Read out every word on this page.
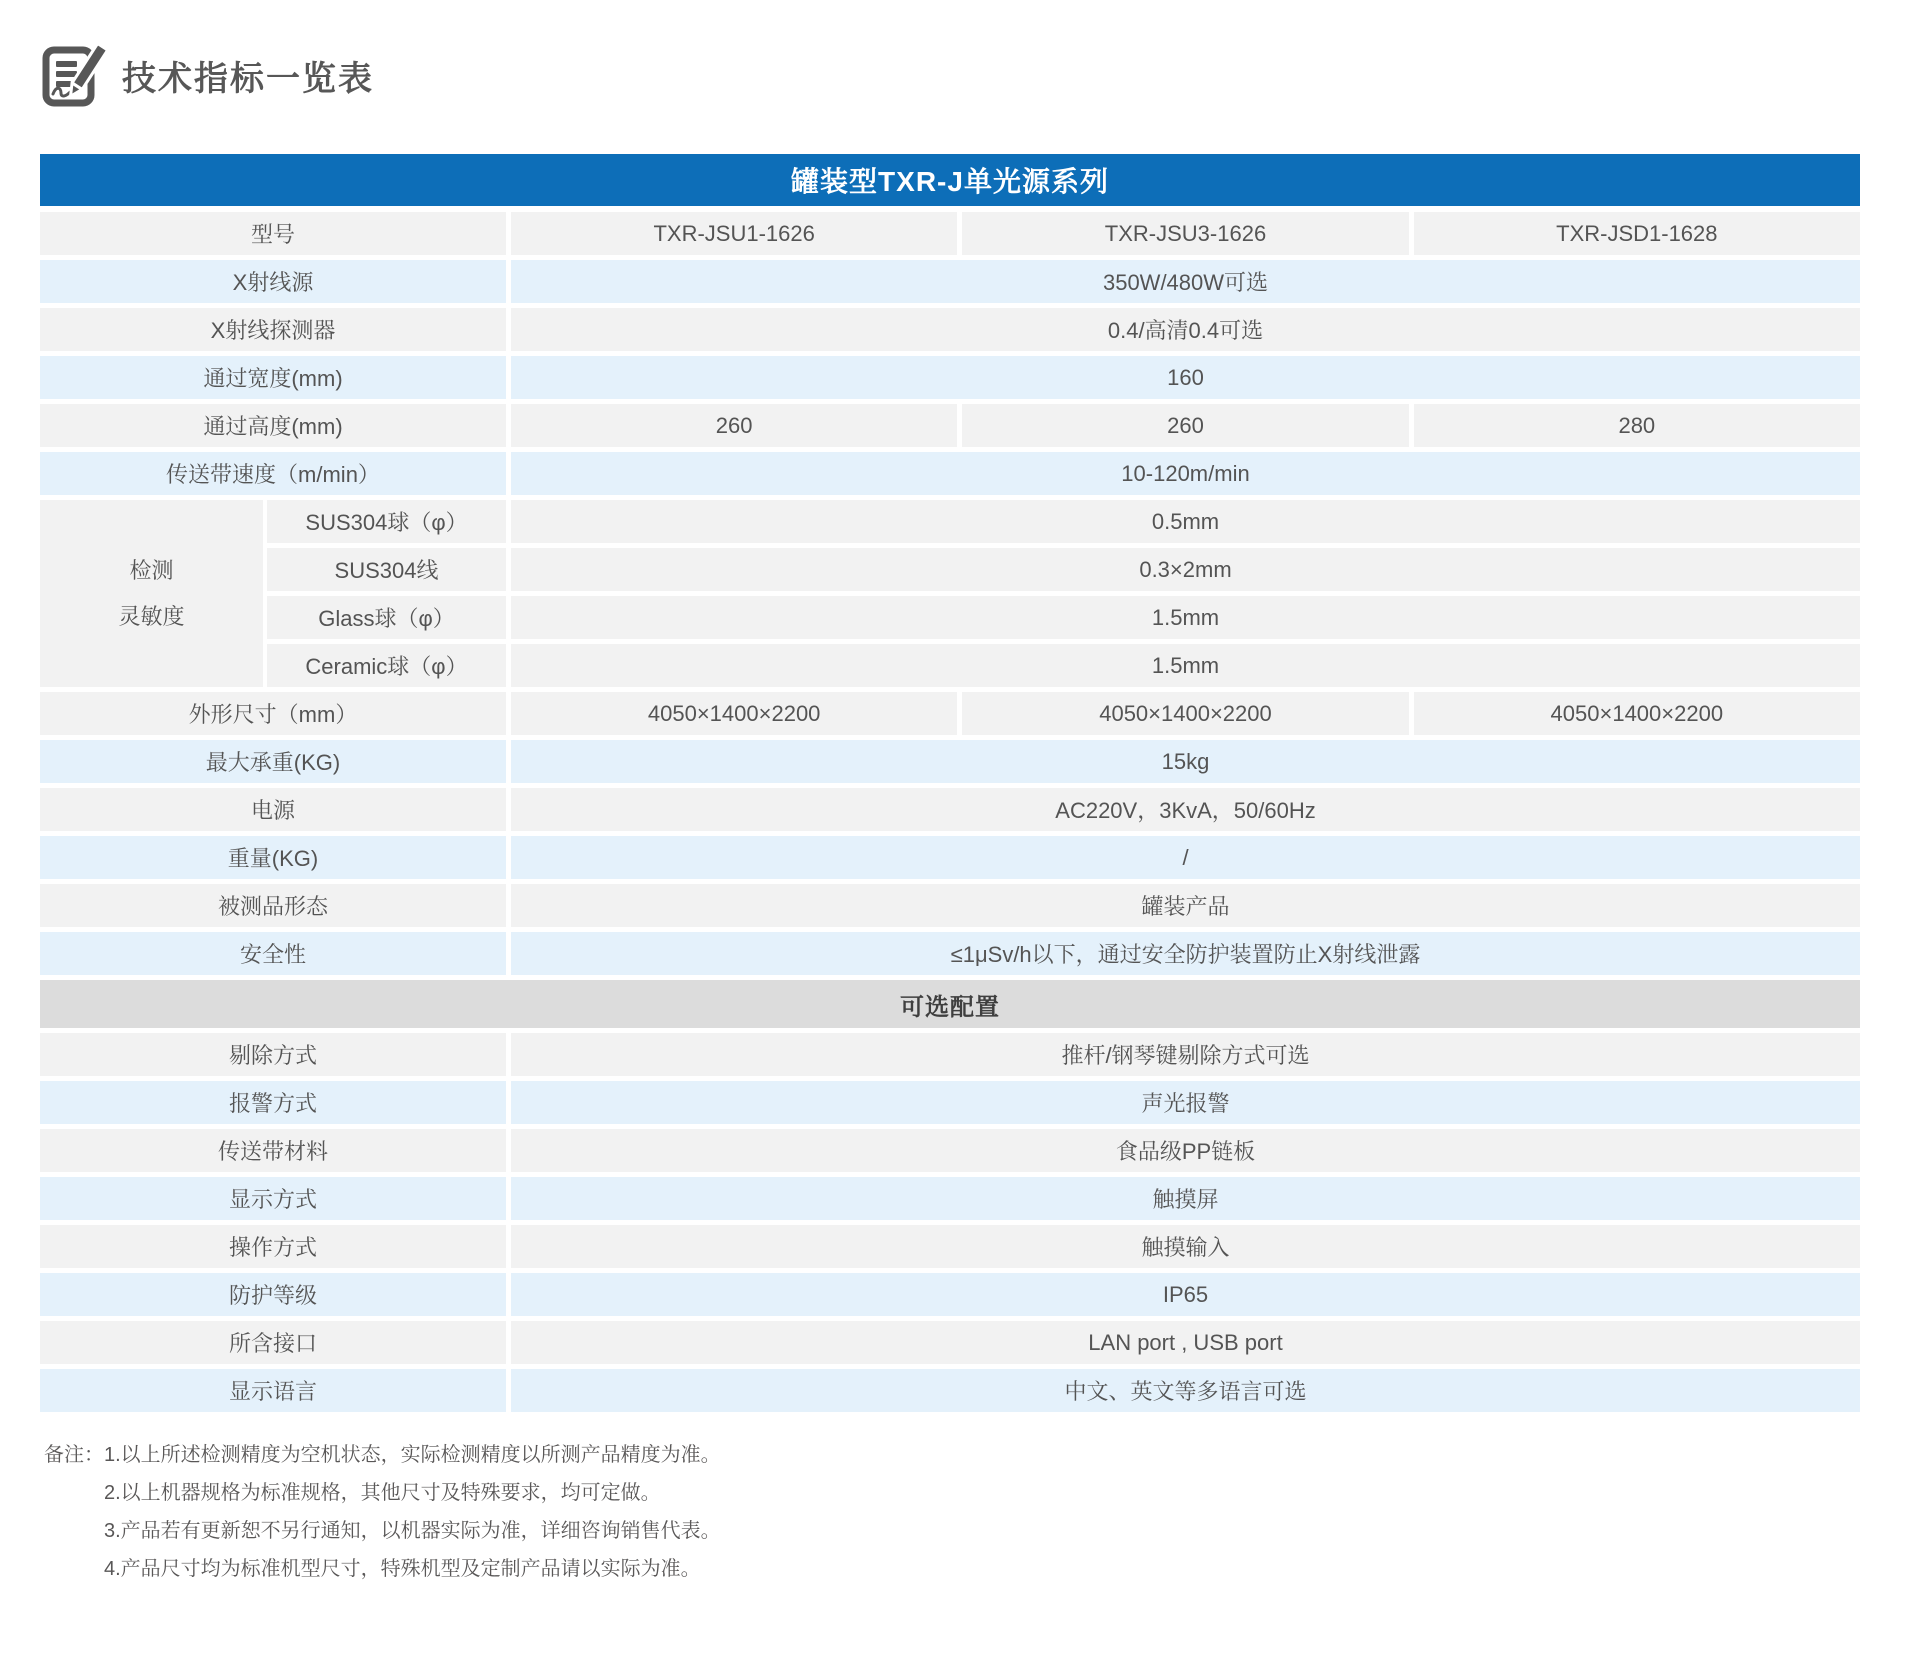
技术指标一览表
罐装型TXR-J单光源系列
型号	TXR-JSU1-1626	TXR-JSU3-1626	TXR-JSD1-1628
X射线源	350W/480W可选
X射线探测器	0.4/高清0.4可选
通过宽度(mm)	160
通过高度(mm)	260	260	280
传送带速度（m/min）	10-120m/min
检测
灵敏度
SUS304球（φ）	0.5mm
SUS304线	0.3×2mm
Glass球（φ）	1.5mm
Ceramic球（φ）	1.5mm
外形尺寸（mm）	4050×1400×2200	4050×1400×2200	4050×1400×2200
最大承重(KG)	15kg
电源	AC220V，3KvA，50/60Hz
重量(KG)	/
被测品形态	罐装产品
安全性	≤1μSv/h以下，通过安全防护装置防止X射线泄露
可选配置
剔除方式	推杆/钢琴键剔除方式可选
报警方式	声光报警
传送带材料	食品级PP链板
显示方式	触摸屏
操作方式	触摸输入
防护等级	IP65
所含接口	LAN port , USB port
显示语言	中文、英文等多语言可选
备注： 1.以上所述检测精度为空机状态，实际检测精度以所测产品精度为准。

2.以上机器规格为标准规格，其他尺寸及特殊要求，均可定做。

3.产品若有更新恕不另行通知，以机器实际为准，详细咨询销售代表。

4.产品尺寸均为标准机型尺寸，特殊机型及定制产品请以实际为准。
